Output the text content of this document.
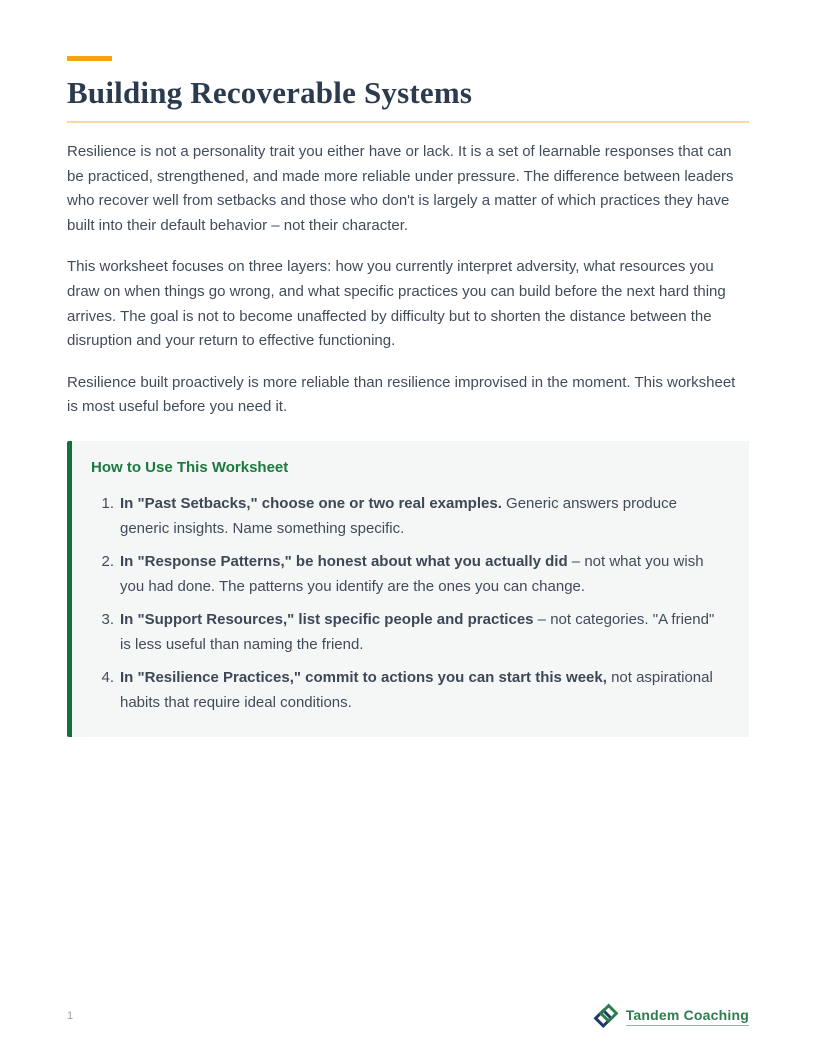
Building Recoverable Systems

Resilience is not a personality trait you either have or lack. It is a set of learnable responses that can be practiced, strengthened, and made more reliable under pressure. The difference between leaders who recover well from setbacks and those who don't is largely a matter of which practices they have built into their default behavior – not their character.

This worksheet focuses on three layers: how you currently interpret adversity, what resources you draw on when things go wrong, and what specific practices you can build before the next hard thing arrives. The goal is not to become unaffected by difficulty but to shorten the distance between the disruption and your return to effective functioning.

Resilience built proactively is more reliable than resilience improvised in the moment. This worksheet is most useful before you need it.

How to Use This Worksheet
1. In "Past Setbacks," choose one or two real examples. Generic answers produce generic insights. Name something specific.
2. In "Response Patterns," be honest about what you actually did – not what you wish you had done. The patterns you identify are the ones you can change.
3. In "Support Resources," list specific people and practices – not categories. "A friend" is less useful than naming the friend.
4. In "Resilience Practices," commit to actions you can start this week, not aspirational habits that require ideal conditions.
1	Tandem Coaching
